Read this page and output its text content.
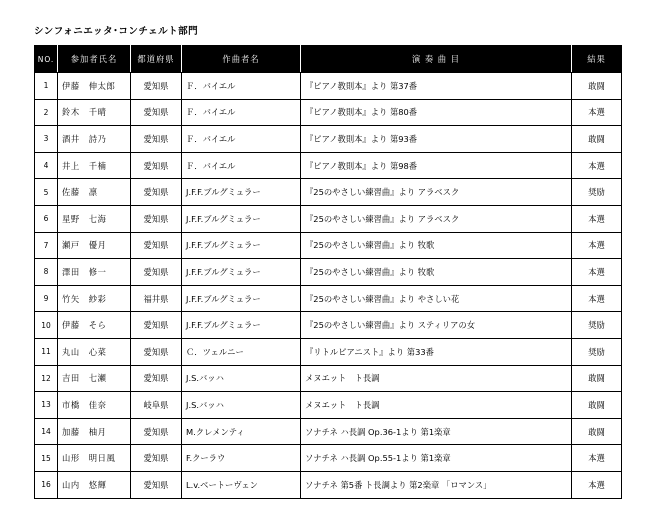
シンフォニエッタ･コンチェルト部門
NO.	参加者氏名	都道府県	作曲者名	演 奏 曲 目	結果
1	伊藤　伸太郎	愛知県	Ｆ．バイエル	『ピアノ教則本』より 第37番	敢闘
2	鈴木　千晴	愛知県	Ｆ．バイエル	『ピアノ教則本』より 第80番	本選
3	酒井　詩乃	愛知県	Ｆ．バイエル	『ピアノ教則本』より 第93番	敢闘
4	井上　千楠	愛知県	Ｆ．バイエル	『ピアノ教則本』より 第98番	本選
5	佐藤　凛	愛知県	J.F.F.ブルグミュラー	『25のやさしい練習曲』より アラベスク	奨励
6	星野　七海	愛知県	J.F.F.ブルグミュラー	『25のやさしい練習曲』より アラベスク	本選
7	瀬戸　優月	愛知県	J.F.F.ブルグミュラー	『25のやさしい練習曲』より 牧歌	本選
8	澤田　修一	愛知県	J.F.F.ブルグミュラー	『25のやさしい練習曲』より 牧歌	本選
9	竹矢　紗彩	福井県	J.F.F.ブルグミュラー	『25のやさしい練習曲』より やさしい花	本選
10	伊藤　そら	愛知県	J.F.F.ブルグミュラー	『25のやさしい練習曲』より スティリアの女	奨励
11	丸山　心菜	愛知県	Ｃ．ツェルニー	『リトルピアニスト』より 第33番	奨励
12	吉田　七瀬	愛知県	J.S.バッハ	メヌエット　ト長調	敢闘
13	市橋　佳奈	岐阜県	J.S.バッハ	メヌエット　ト長調	敢闘
14	加藤　柚月	愛知県	M.クレメンティ	ソナチネ ハ長調 Op.36-1より 第1楽章	敢闘
15	山形　明日風	愛知県	F.クーラウ	ソナチネ ハ長調 Op.55-1より 第1楽章	本選
16	山内　悠輝	愛知県	L.v.ベートーヴェン	ソナチネ 第5番 ト長調より 第2楽章 「ロマンス」	本選
